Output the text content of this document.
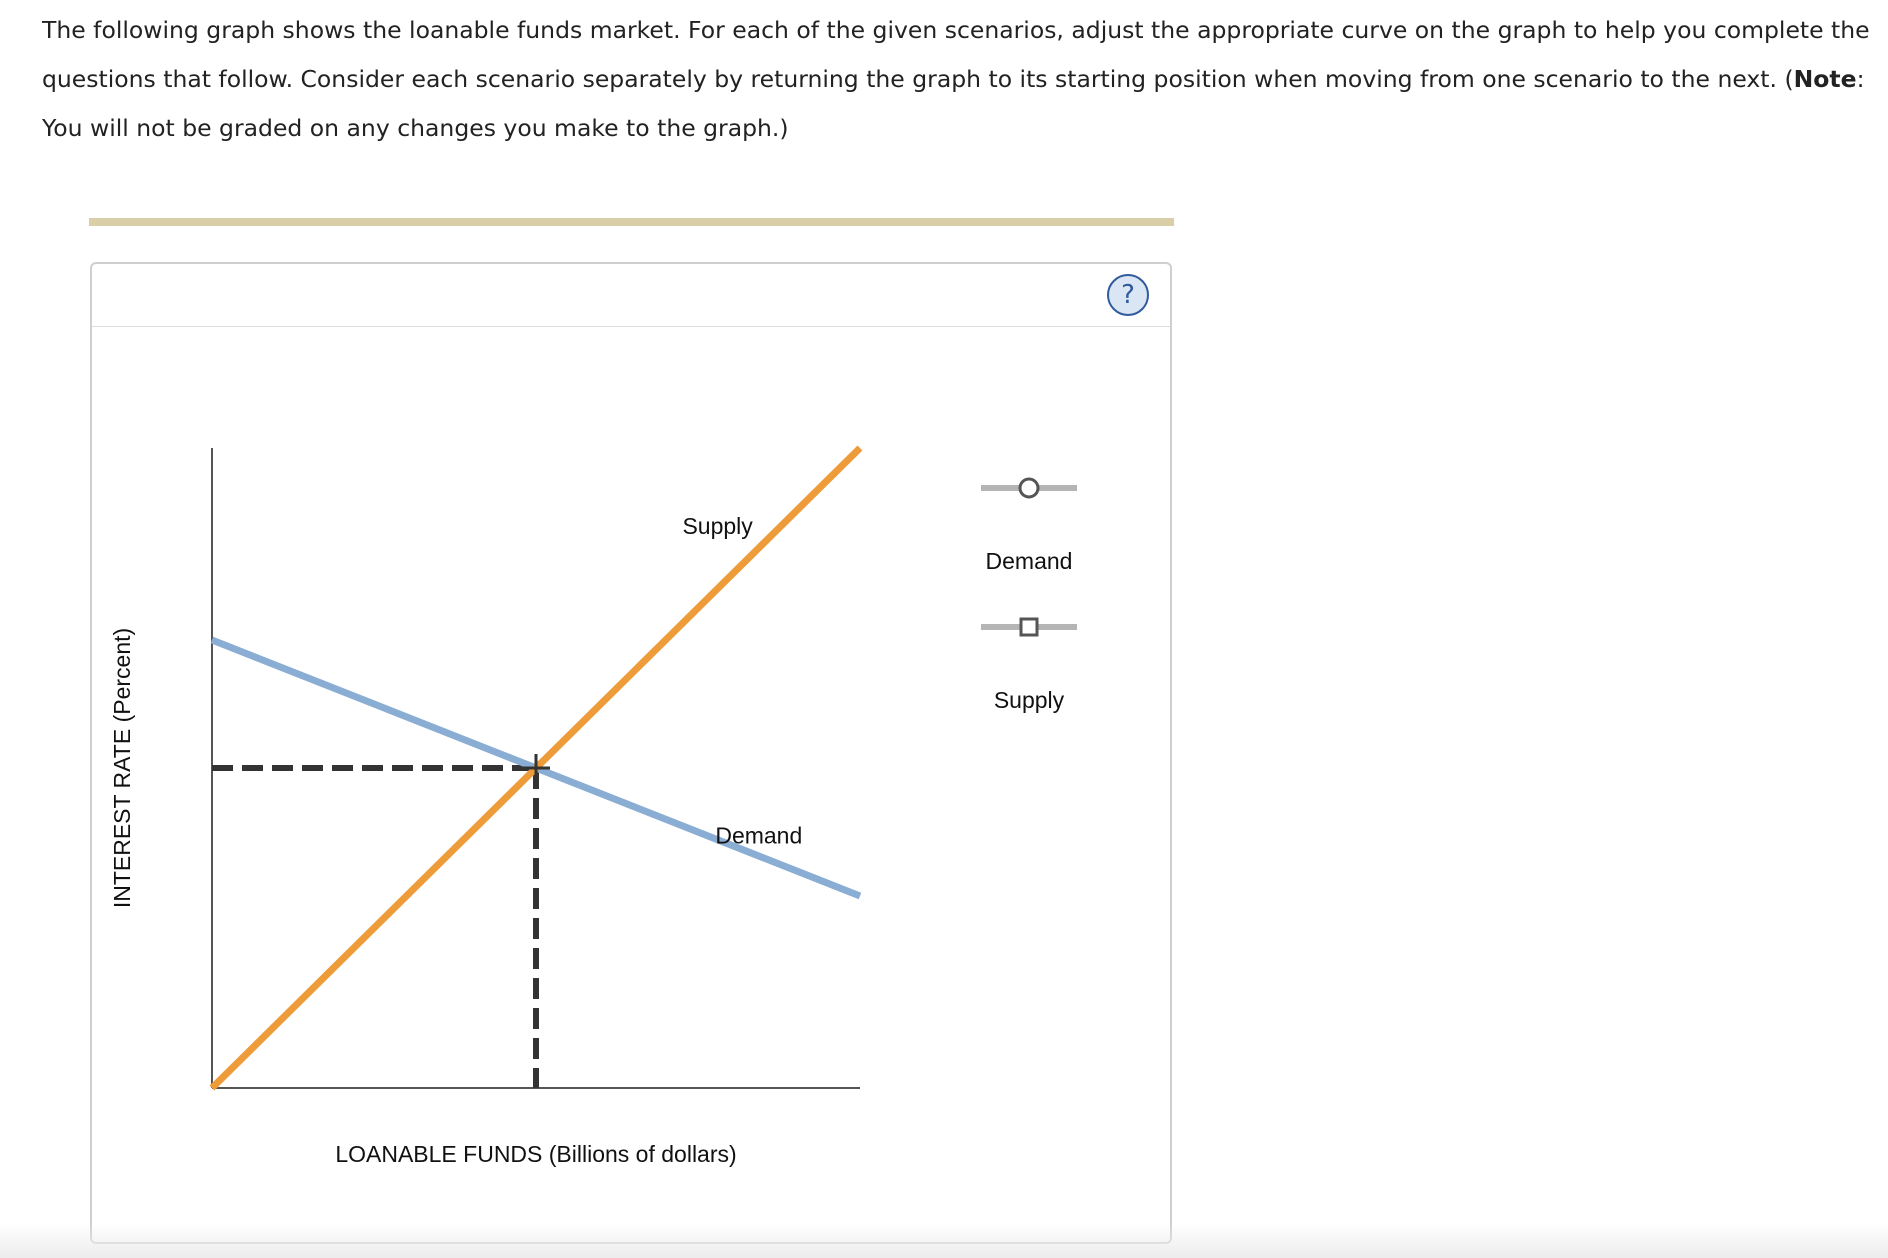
The following graph shows the loanable funds market. For each of the given scenarios, adjust the appropriate curve on the graph to help you complete the questions that follow. Consider each scenario separately by returning the graph to its starting position when moving from one scenario to the next. (Note: You will not be graded on any changes you make to the graph.)

?
Supply
Demand
LOANABLE FUNDS (Billions of dollars)
INTEREST RATE (Percent)
Demand
Supply
